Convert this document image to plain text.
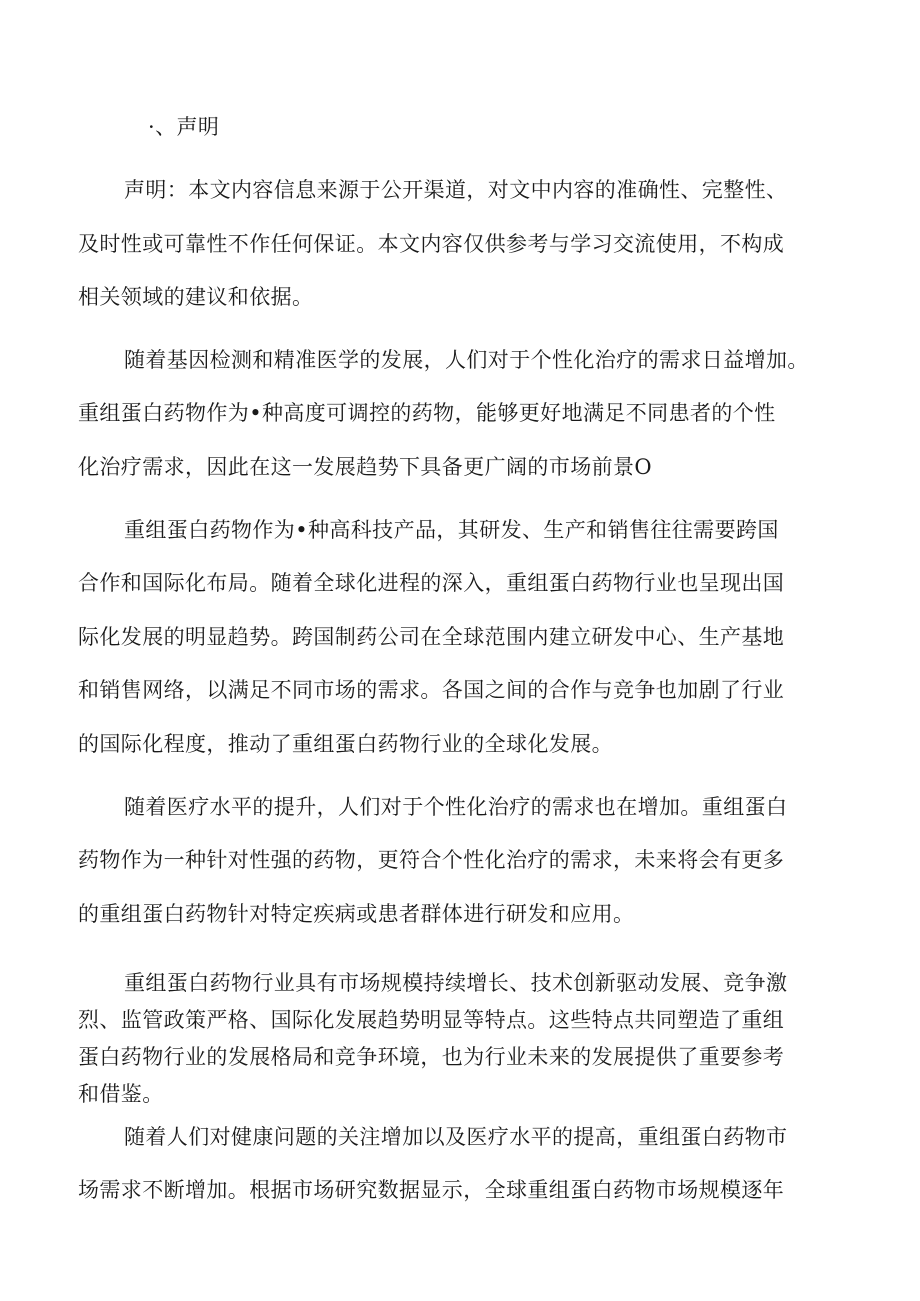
·、声明
声明：本文内容信息来源于公开渠道，对文中内容的准确性、完整性、
及时性或可靠性不作任何保证。本文内容仅供参考与学习交流使用，不构成
相关领域的建议和依据。
随着基因检测和精准医学的发展，人们对于个性化治疗的需求日益增加。
重组蛋白药物作为•种高度可调控的药物，能够更好地满足不同患者的个性
化治疗需求，因此在这一发展趋势下具备更广阔的市场前景O
重组蛋白药物作为•种高科技产品，其研发、生产和销售往往需要跨国
合作和国际化布局。随着全球化进程的深入，重组蛋白药物行业也呈现出国
际化发展的明显趋势。跨国制药公司在全球范围内建立研发中心、生产基地
和销售网络，以满足不同市场的需求。各国之间的合作与竞争也加剧了行业
的国际化程度，推动了重组蛋白药物行业的全球化发展。
随着医疗水平的提升，人们对于个性化治疗的需求也在增加。重组蛋白
药物作为一种针对性强的药物，更符合个性化治疗的需求，未来将会有更多
的重组蛋白药物针对特定疾病或患者群体进行研发和应用。
重组蛋白药物行业具有市场规模持续增长、技术创新驱动发展、竞争激
烈、监管政策严格、国际化发展趋势明显等特点。这些特点共同塑造了重组
蛋白药物行业的发展格局和竞争环境，也为行业未来的发展提供了重要参考
和借鉴。
随着人们对健康问题的关注增加以及医疗水平的提高，重组蛋白药物市
场需求不断增加。根据市场研究数据显示，全球重组蛋白药物市场规模逐年
